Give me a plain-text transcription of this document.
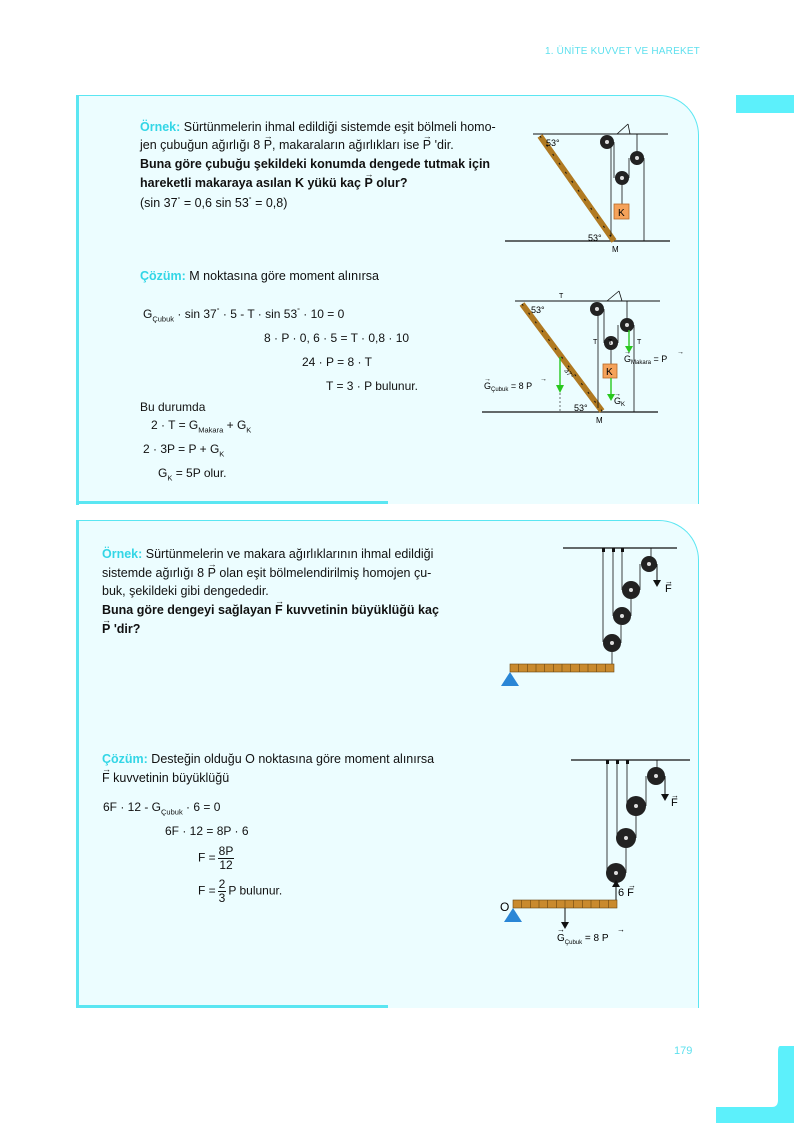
1. ÜNİTE KUVVET VE HAREKET
Örnek: Sürtünmelerin ihmal edildiği sistemde eşit bölmeli homo-
jen çubuğun ağırlığı 8 → P, makaraların ağırlıkları ise → P 'dir.
Buna göre çubuğu şekildeki konumda dengede tutmak için
hareketli makaraya asılan K yükü kaç → P olur?
(sin 37° = 0,6 sin 53° = 0,8)
K
53°
53°
M
Çözüm: M noktasına göre moment alınırsa
$G_{Çubuk} \cdot \sin 37^\circ \cdot 5 - T \cdot \sin 53^\circ \cdot 10 = 0$
8 · P · 0, 6 · 5 = T · 0,8 · 10
24 · P = 8 · T
T = 3 · P bulunur.
Bu durumda
$2 \cdot T = G_{Makara} + G_K$
$2 \cdot 3P = P + G_K$
$G_K = 5P$ olur.
K
T
T T	T
53°
53°
M
37°
$G_{Çubuk} = 8$ P
→	→
$G_{Makara} = P$
→	→
$G_K$
→
Örnek: Sürtünmelerin ve makara ağırlıklarının ihmal edildiği
sistemde ağırlığı 8 → P olan eşit bölmelendirilmiş homojen çu-
buk, şekildeki gibi dengededir.
Buna göre dengeyi sağlayan → F kuvvetinin büyüklüğü kaç
→ P 'dir?
F
→
Çözüm: Desteğin olduğu O noktasına göre moment alınırsa
→ F kuvvetinin büyüklüğü
$6F \cdot 12 - G_{Çubuk} \cdot 6 = 0$
6F · 12 = 8P · 6
$F = \frac{8P}{12}$
$F = \frac{2}{3}$ P bulunur.
F
→
6 F
→
O
$G_{Çubuk} = 8$ P
→	→
179
